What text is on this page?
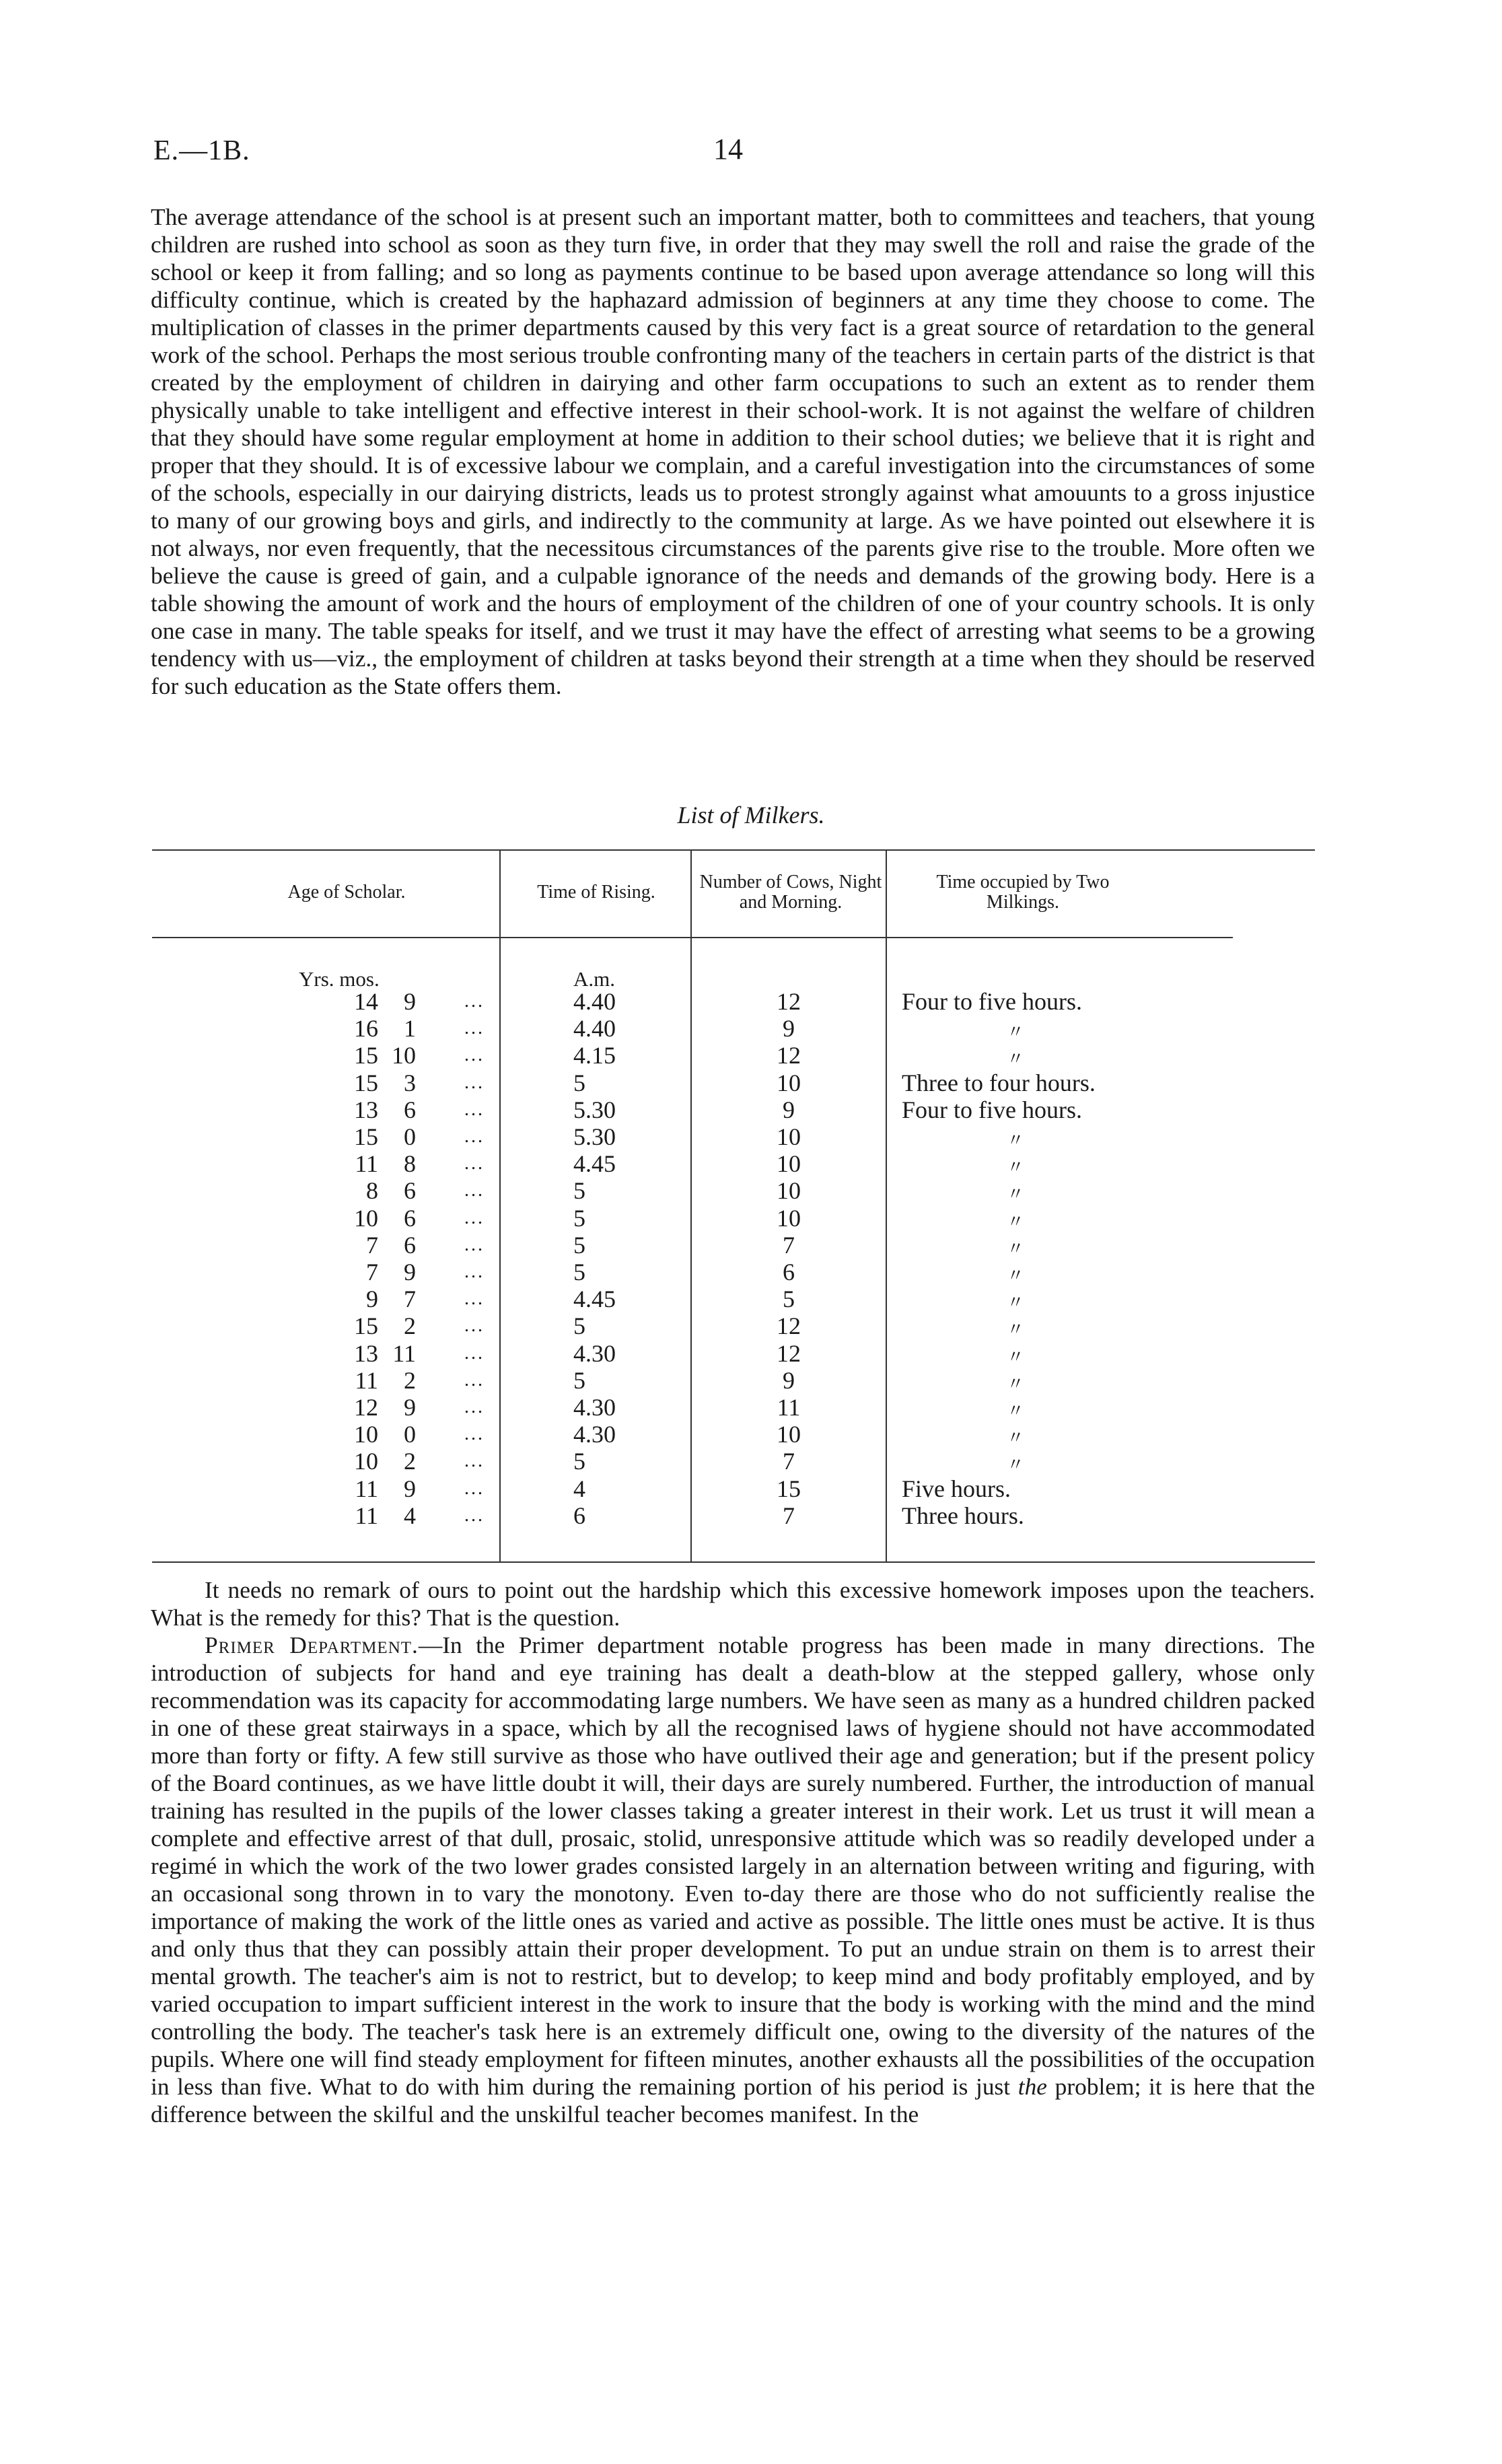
E.—1B.	14

The average attendance of the school is at present such an important matter, both to committees and teachers, that young children are rushed into school as soon as they turn five, in order that they may swell the roll and raise the grade of the school or keep it from falling; and so long as payments continue to be based upon average attendance so long will this difficulty continue, which is created by the haphazard admission of beginners at any time they choose to come. The multiplication of classes in the primer departments caused by this very fact is a great source of retardation to the general work of the school. Perhaps the most serious trouble confronting many of the teachers in certain parts of the district is that created by the employment of children in dairying and other farm occupations to such an extent as to render them physically unable to take intelligent and effective interest in their school-work. It is not against the welfare of children that they should have some regular employment at home in addition to their school duties; we believe that it is right and proper that they should. It is of excessive labour we complain, and a careful investigation into the circumstances of some of the schools, especially in our dairying districts, leads us to protest strongly against what amouunts to a gross injustice to many of our growing boys and girls, and indirectly to the community at large. As we have pointed out elsewhere it is not always, nor even frequently, that the necessitous circumstances of the parents give rise to the trouble. More often we believe the cause is greed of gain, and a culpable ignorance of the needs and demands of the growing body. Here is a table showing the amount of work and the hours of employment of the children of one of your country schools. It is only one case in many. The table speaks for itself, and we trust it may have the effect of arresting what seems to be a growing tendency with us—viz., the employment of children at tasks beyond their strength at a time when they should be reserved for such education as the State offers them.

List of Milkers.
Age of Scholar.	Time of Rising.	Number of Cows, Night and Morning.
Time occupied by Two Milkings.
Yrs. mos.	A.m.
14	9	...	4.40	12	Four to five hours.
16	1	...	4.40	9	〃
15 10	...	4.15	12	〃
15	3	...	5	10	Three to four hours.
13	6	...	5.30	9	Four to five hours.
15	0	...	5.30	10	〃
11	8	...	4.45	10	〃
8	6	...	5	10	〃
10	6	...	5	10	〃
7	6	...	5	7	〃
7	9	...	5	6	〃
9	7	...	4.45	5	〃
15	2	...	5	12	〃
13 11	...	4.30	12	〃
11	2	...	5	9	〃
12	9	...	4.30	11	〃
10	0	...	4.30	10	〃
10	2	...	5	7	〃
11	9	...	4	15	Five hours.
11	4	...	6	7	Three hours.

It needs no remark of ours to point out the hardship which this excessive homework imposes upon the teachers. What is the remedy for this? That is the question.

Primer Department.—In the Primer department notable progress has been made in many directions. The introduction of subjects for hand and eye training has dealt a death-blow at the stepped gallery, whose only recommendation was its capacity for accommodating large numbers. We have seen as many as a hundred children packed in one of these great stairways in a space, which by all the recognised laws of hygiene should not have accommodated more than forty or fifty. A few still survive as those who have outlived their age and generation; but if the present policy of the Board continues, as we have little doubt it will, their days are surely numbered. Further, the introduction of manual training has resulted in the pupils of the lower classes taking a greater interest in their work. Let us trust it will mean a complete and effective arrest of that dull, prosaic, stolid, unresponsive attitude which was so readily developed under a regimé in which the work of the two lower grades consisted largely in an alternation between writing and figuring, with an occasional song thrown in to vary the monotony. Even to-day there are those who do not sufficiently realise the importance of making the work of the little ones as varied and active as possible. The little ones must be active. It is thus and only thus that they can possibly attain their proper development. To put an undue strain on them is to arrest their mental growth. The teacher's aim is not to restrict, but to develop; to keep mind and body profitably employed, and by varied occupation to impart sufficient interest in the work to insure that the body is working with the mind and the mind controlling the body. The teacher's task here is an extremely difficult one, owing to the diversity of the natures of the pupils. Where one will find steady employment for fifteen minutes, another exhausts all the possibilities of the occupation in less than five. What to do with him during the remaining portion of his period is just the problem; it is here that the difference between the skilful and the unskilful teacher becomes manifest. In the
